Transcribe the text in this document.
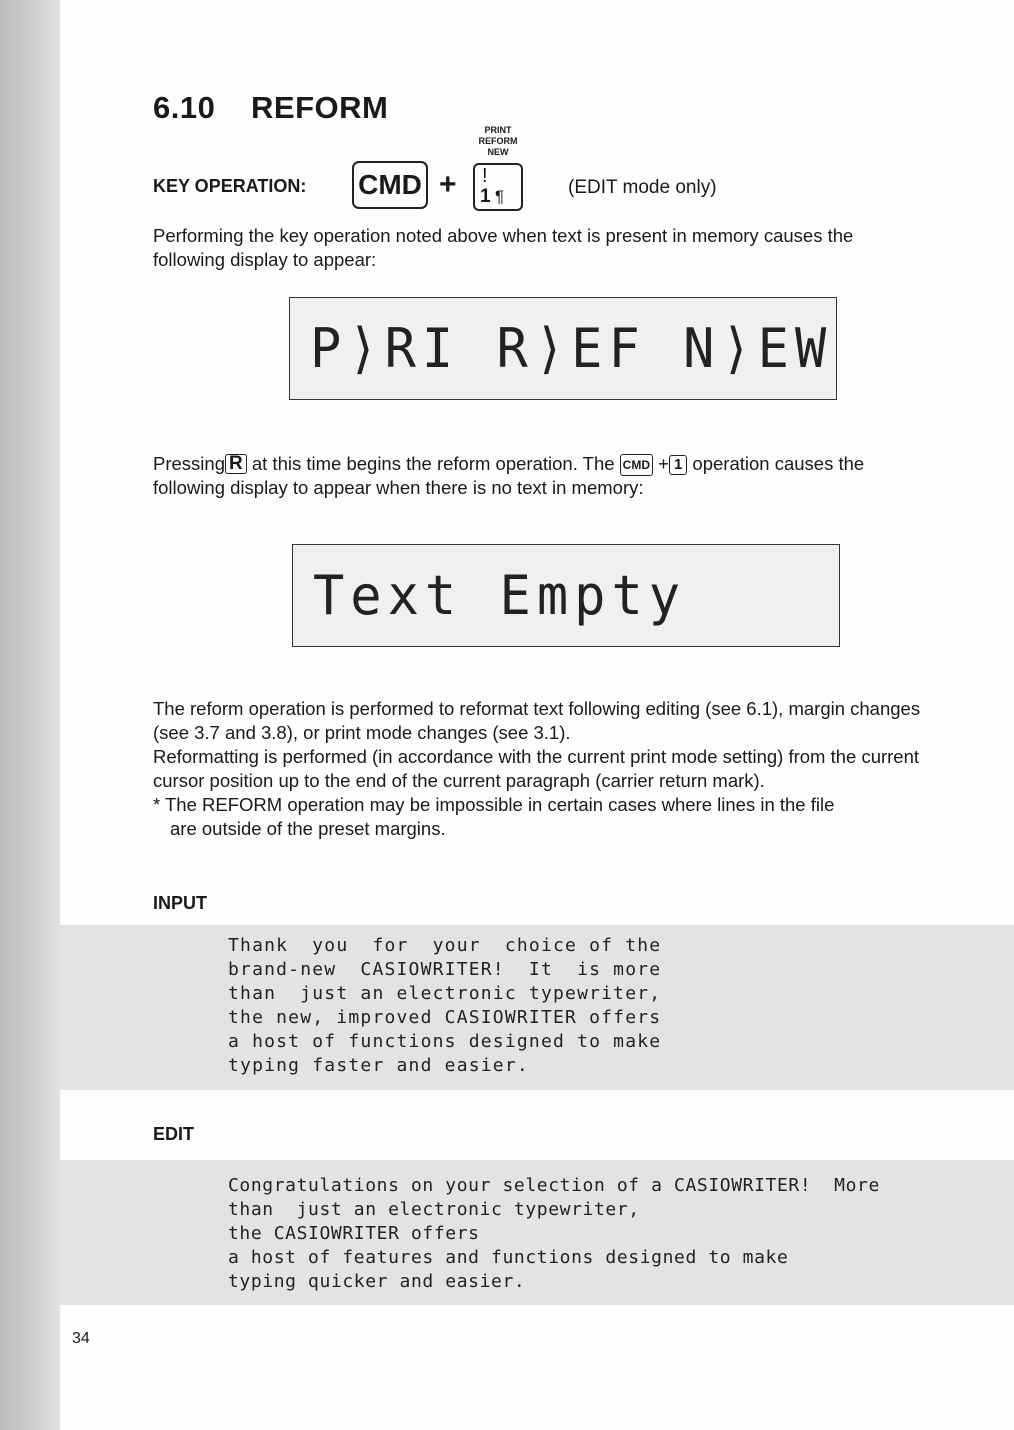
6.10 REFORM
KEY OPERATION: CMD +
PRINT
REFORM
NEW
!
1 ¶	(EDIT mode only)

Performing the key operation noted above when text is present in memory causes the following display to appear:

P⟩RI R⟩EF N⟩EW

Pressing R at this time begins the reform operation. The CMD + 1 operation causes the following display to appear when there is no text in memory:

Text Empty
The reform operation is performed to reformat text following editing (see 6.1), margin changes (see 3.7 and 3.8), or print mode changes (see 3.1).
Reformatting is performed (in accordance with the current print mode setting) from the current cursor position up to the end of the current paragraph (carrier return mark).
* The REFORM operation may be impossible in certain cases where lines in the file
are outside of the preset margins.
INPUT
Thank  you  for  your  choice of the
brand-new  CASIOWRITER!  It  is more
than  just an electronic typewriter,
the new, improved CASIOWRITER offers
a host of functions designed to make
typing faster and easier.
EDIT
Congratulations on your selection of a CASIOWRITER!  More
than  just an electronic typewriter,
the CASIOWRITER offers
a host of features and functions designed to make
typing quicker and easier.
34
